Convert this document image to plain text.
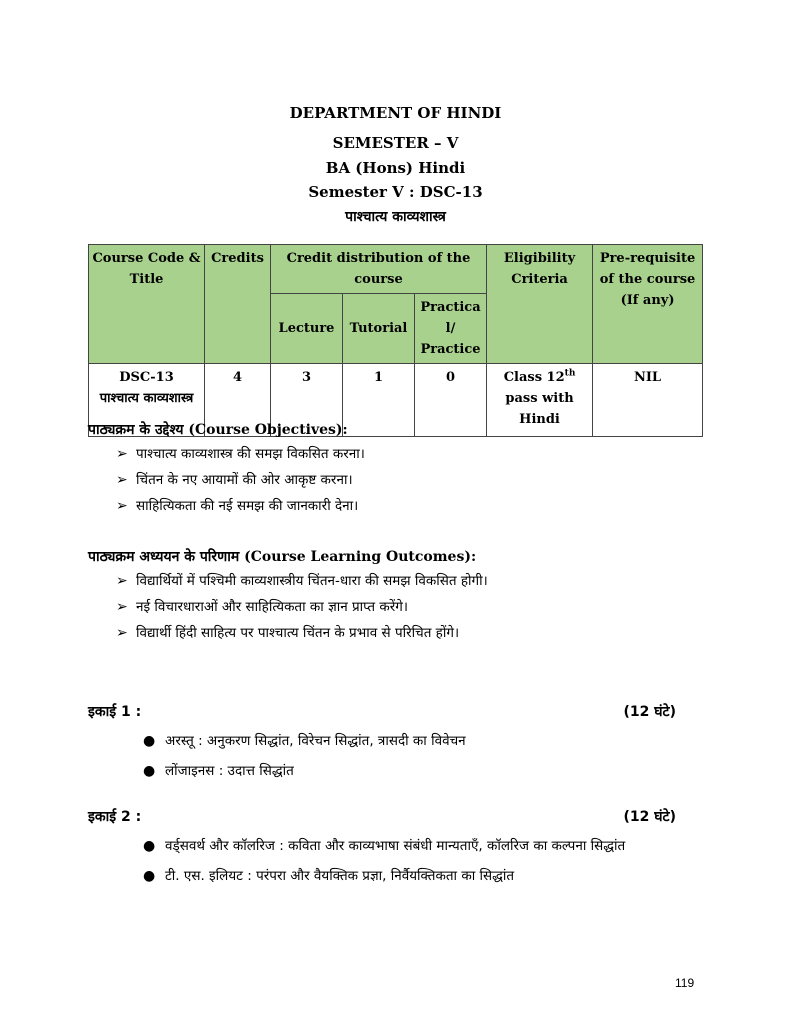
DEPARTMENT OF HINDI
SEMESTER – V
BA (Hons) Hindi
Semester V : DSC-13
पाश्चात्य काव्यशास्त्र
Course Code & Title	Credits	Credit distribution of the course			Eligibility Criteria	Pre-requisite of the course (If any)
		Lecture	Tutorial	Practical/ Practice		

DSC-13
पाश्चात्य काव्यशास्त्र	4	3	1	0	Class 12th pass with Hindi	NIL
पाठ्यक्रम के उद्देश्य (Course Objectives):
➢ पाश्चात्य काव्यशास्त्र की समझ विकसित करना।
➢ चिंतन के नए आयामों की ओर आकृष्ट करना।
➢ साहित्यिकता की नई समझ की जानकारी देना।
पाठ्यक्रम अध्ययन के परिणाम (Course Learning Outcomes):
➢ विद्यार्थियों में पश्चिमी काव्यशास्त्रीय चिंतन-धारा की समझ विकसित होगी।
➢ नई विचारधाराओं और साहित्यिकता का ज्ञान प्राप्त करेंगे।
➢ विद्यार्थी हिंदी साहित्य पर पाश्चात्य चिंतन के प्रभाव से परिचित होंगे।
इकाई 1 :	(12 घंटे)
● अरस्तू : अनुकरण सिद्धांत, विरेचन सिद्धांत, त्रासदी का विवेचन
● लोंजाइनस : उदात्त सिद्धांत
इकाई 2 :	(12 घंटे)
● वर्ड्सवर्थ और कॉलरिज : कविता और काव्यभाषा संबंधी मान्यताएँ, कॉलरिज का कल्पना सिद्धांत
● टी. एस. इलियट : परंपरा और वैयक्तिक प्रज्ञा, निर्वैयक्तिकता का सिद्धांत
119
